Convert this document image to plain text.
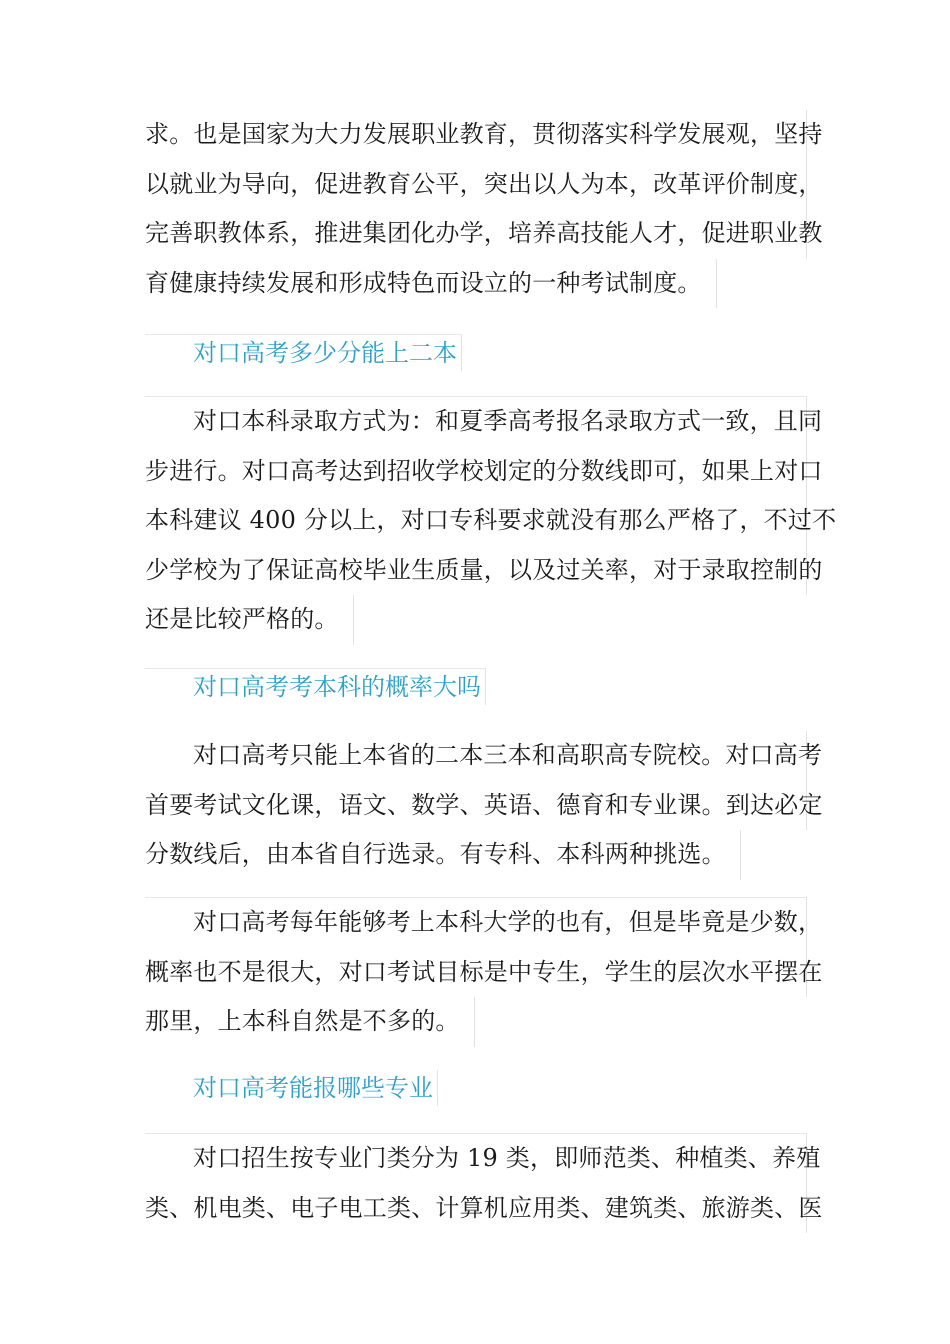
求。也是国家为大力发展职业教育，贯彻落实科学发展观，坚持
以就业为导向，促进教育公平，突出以人为本，改革评价制度，
完善职教体系，推进集团化办学，培养高技能人才，促进职业教
育健康持续发展和形成特色而设立的一种考试制度。
对口高考多少分能上二本
对口本科录取方式为：和夏季高考报名录取方式一致，且同
步进行。对口高考达到招收学校划定的分数线即可，如果上对口
本科建议 400 分以上，对口专科要求就没有那么严格了，不过不
少学校为了保证高校毕业生质量，以及过关率，对于录取控制的
还是比较严格的。
对口高考考本科的概率大吗
对口高考只能上本省的二本三本和高职高专院校。对口高考
首要考试文化课，语文、数学、英语、德育和专业课。到达必定
分数线后，由本省自行选录。有专科、本科两种挑选。
对口高考每年能够考上本科大学的也有，但是毕竟是少数，
概率也不是很大，对口考试目标是中专生，学生的层次水平摆在
那里，上本科自然是不多的。
对口高考能报哪些专业
对口招生按专业门类分为 19 类，即师范类、种植类、养殖
类、机电类、电子电工类、计算机应用类、建筑类、旅游类、医
